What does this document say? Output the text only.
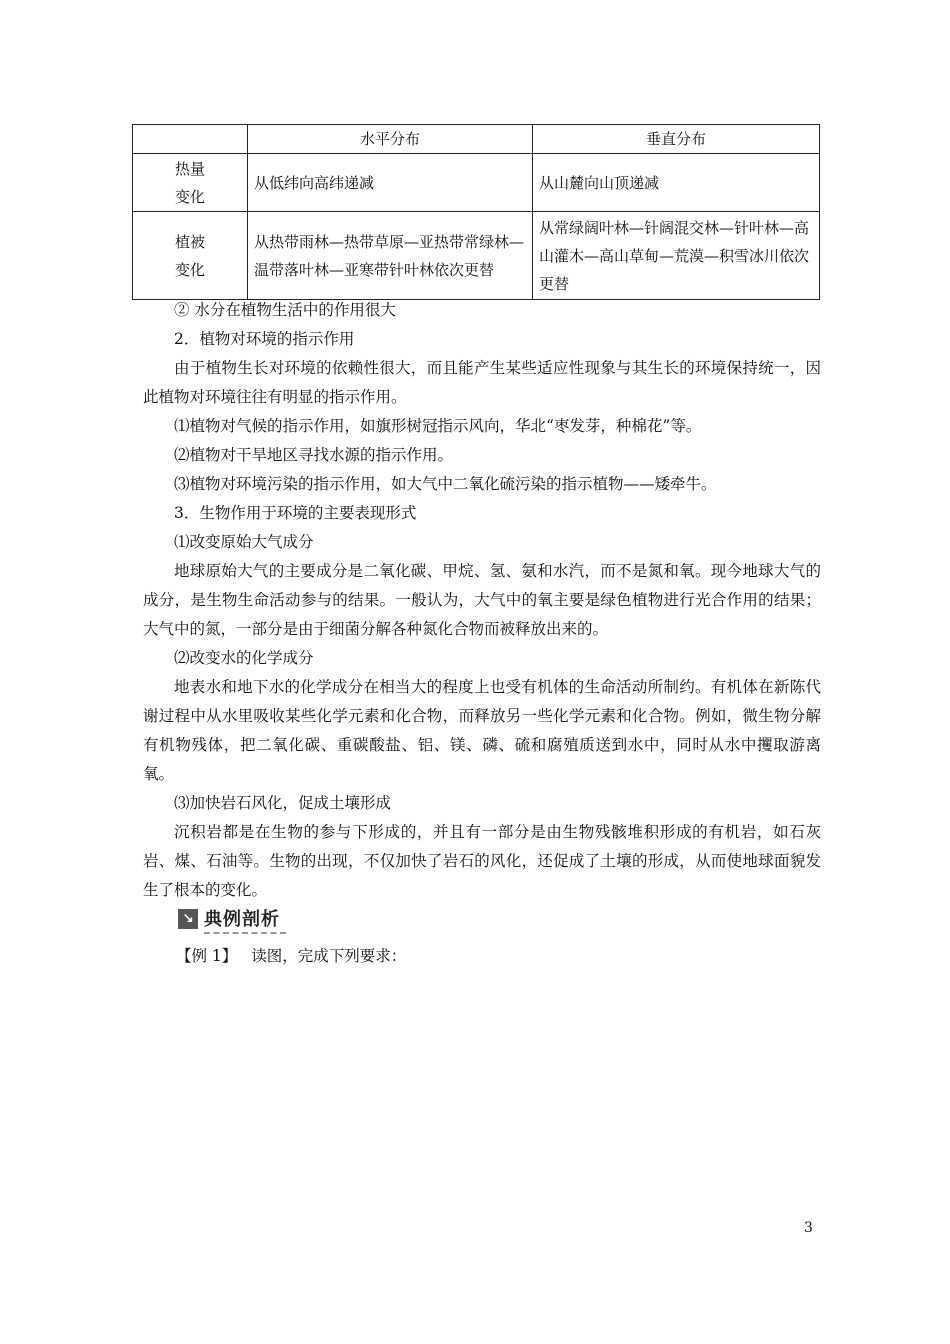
	水平分布	垂直分布

热量
变化	从低纬向高纬递减	从山麓向山顶递减

植被
变化	从热带雨林—热带草原—亚热带常绿林—温带落叶林—亚寒带针叶林依次更替	从常绿阔叶林—针阔混交林—针叶林—高山灌木—高山草甸—荒漠—积雪冰川依次更替

② 水分在植物生活中的作用很大

2．植物对环境的指示作用

由于植物生长对环境的依赖性很大，而且能产生某些适应性现象与其生长的环境保持统一，因此植物对环境往往有明显的指示作用。

⑴植物对气候的指示作用，如旗形树冠指示风向，华北“枣发芽，种棉花”等。

⑵植物对干旱地区寻找水源的指示作用。

⑶植物对环境污染的指示作用，如大气中二氧化硫污染的指示植物——矮牵牛。

3．生物作用于环境的主要表现形式

⑴改变原始大气成分

地球原始大气的主要成分是二氧化碳、甲烷、氢、氨和水汽，而不是氮和氧。现今地球大气的成分，是生物生命活动参与的结果。一般认为，大气中的氧主要是绿色植物进行光合作用的结果；大气中的氮，一部分是由于细菌分解各种氮化合物而被释放出来的。

⑵改变水的化学成分

地表水和地下水的化学成分在相当大的程度上也受有机体的生命活动所制约。有机体在新陈代谢过程中从水里吸收某些化学元素和化合物，而释放另一些化学元素和化合物。例如，微生物分解有机物残体，把二氧化碳、重碳酸盐、铝、镁、磷、硫和腐殖质送到水中，同时从水中攫取游离氧。

⑶加快岩石风化，促成土壤形成

沉积岩都是在生物的参与下形成的，并且有一部分是由生物残骸堆积形成的有机岩，如石灰岩、煤、石油等。生物的出现，不仅加快了岩石的风化，还促成了土壤的形成，从而使地球面貌发生了根本的变化。

↘ 典例剖析
【例 1】 读图，完成下列要求：
3
